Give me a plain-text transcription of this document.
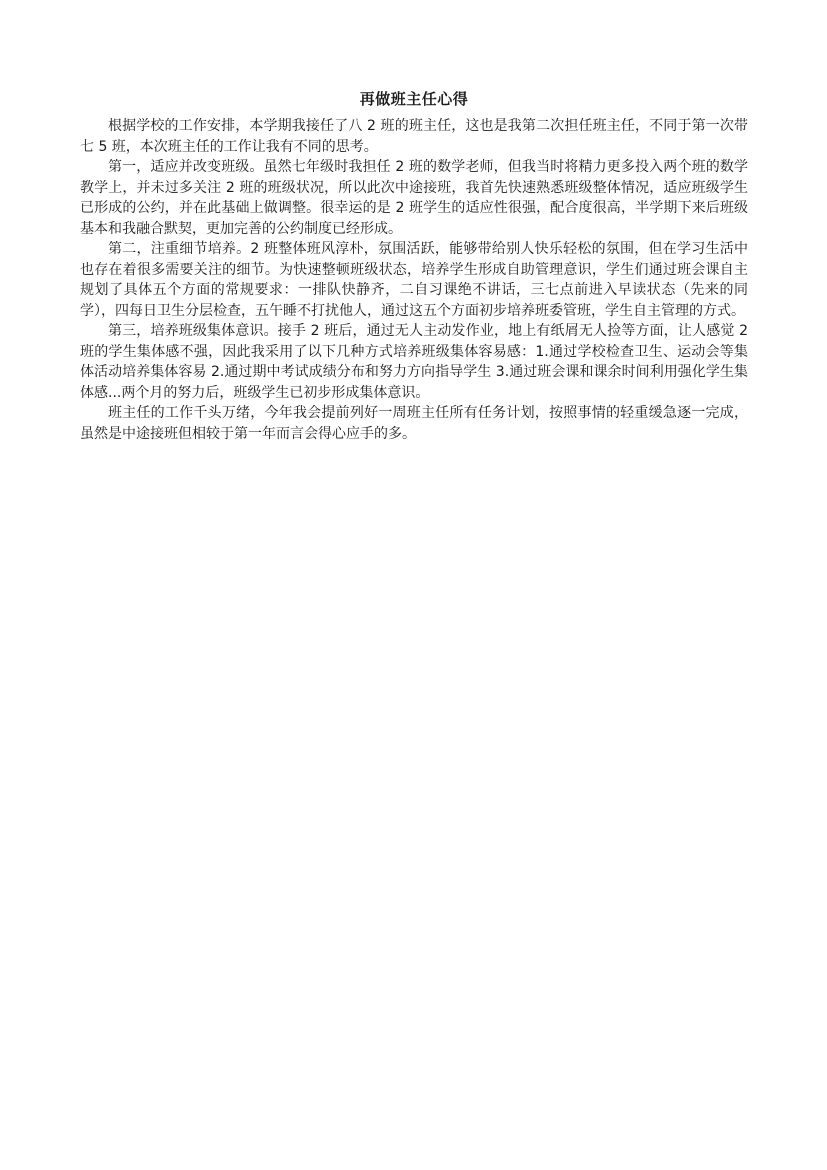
再做班主任心得

根据学校的工作安排，本学期我接任了八 2 班的班主任，这也是我第二次担任班主任，不同于第一次带七 5 班，本次班主任的工作让我有不同的思考。

第一，适应并改变班级。虽然七年级时我担任 2 班的数学老师，但我当时将精力更多投入两个班的数学教学上，并未过多关注 2 班的班级状况，所以此次中途接班，我首先快速熟悉班级整体情况，适应班级学生已形成的公约，并在此基础上做调整。很幸运的是 2 班学生的适应性很强，配合度很高，半学期下来后班级基本和我融合默契，更加完善的公约制度已经形成。

第二，注重细节培养。2 班整体班风淳朴，氛围活跃，能够带给别人快乐轻松的氛围，但在学习生活中也存在着很多需要关注的细节。为快速整顿班级状态，培养学生形成自助管理意识，学生们通过班会课自主规划了具体五个方面的常规要求：一排队快静齐，二自习课绝不讲话，三七点前进入早读状态（先来的同学），四每日卫生分层检查，五午睡不打扰他人，通过这五个方面初步培养班委管班，学生自主管理的方式。

第三，培养班级集体意识。接手 2 班后，通过无人主动发作业，地上有纸屑无人捡等方面，让人感觉 2 班的学生集体感不强，因此我采用了以下几种方式培养班级集体容易感：1.通过学校检查卫生、运动会等集体活动培养集体容易 2.通过期中考试成绩分布和努力方向指导学生 3.通过班会课和课余时间利用强化学生集体感...两个月的努力后，班级学生已初步形成集体意识。

班主任的工作千头万绪，今年我会提前列好一周班主任所有任务计划，按照事情的轻重缓急逐一完成，虽然是中途接班但相较于第一年而言会得心应手的多。
